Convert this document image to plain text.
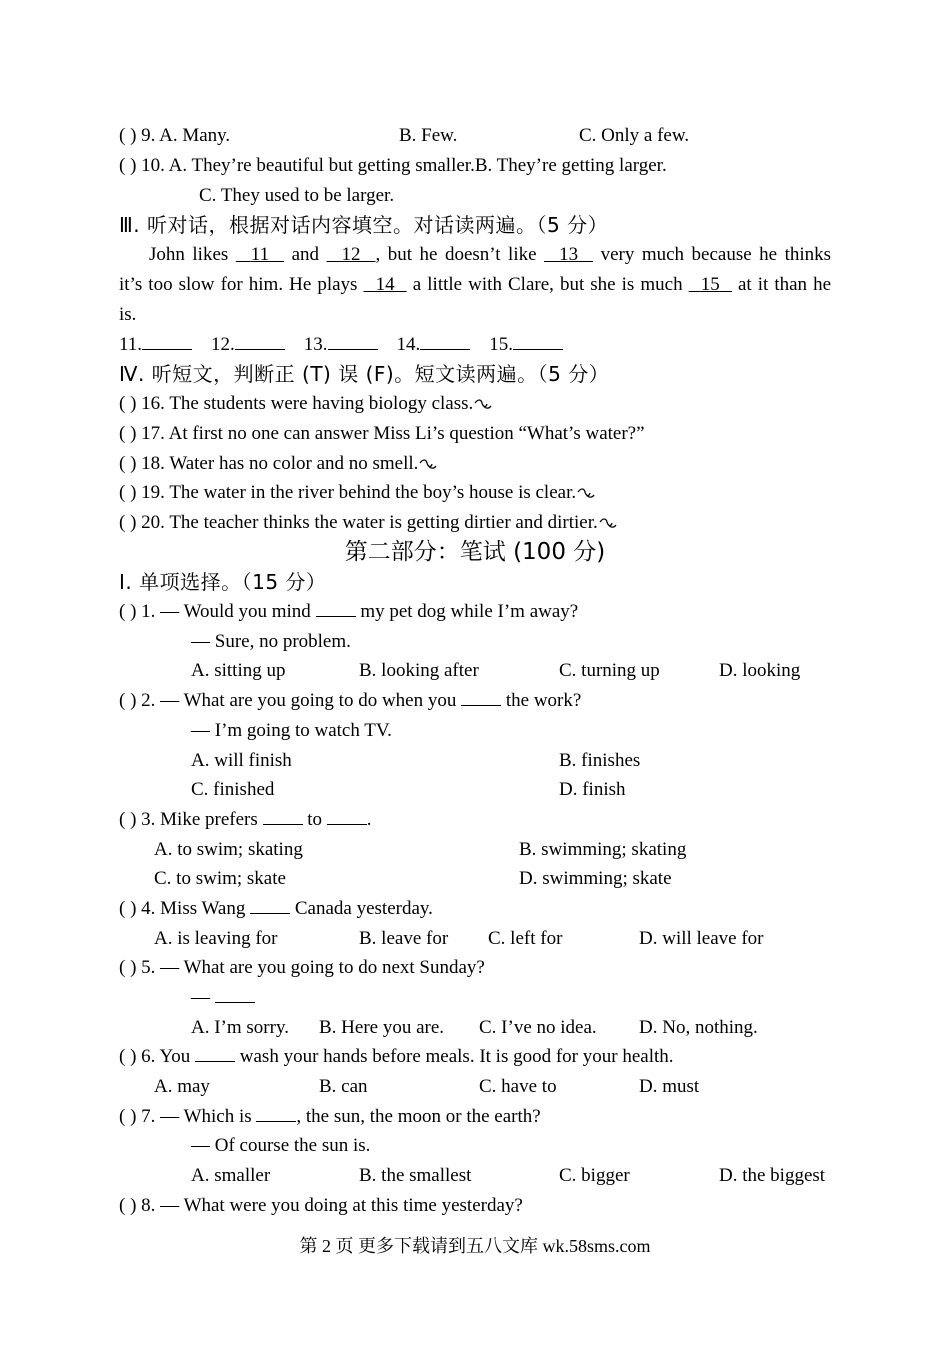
( ) 9. A. Many.	B. Few.	C. Only a few.
( ) 10. A. They’re beautiful but getting smaller.B. They’re getting larger.
C. They used to be larger.
Ⅲ. 听对话，根据对话内容填空。对话读两遍。（5 分）
John likes 11 and 12 , but he doesn’t like 13 very much because he thinks
it’s too slow for him. He plays 14 a little with Clare, but she is much 15 at it than he
is.
11.	12.	13.	14.	15.
Ⅳ. 听短文，判断正 (T) 误 (F)。短文读两遍。（5 分）
( ) 16. The students were having biology class.
( ) 17. At first no one can answer Miss Li’s question “What’s water?”
( ) 18. Water has no color and no smell.
( ) 19. The water in the river behind the boy’s house is clear.
( ) 20. The teacher thinks the water is getting dirtier and dirtier.
第二部分：笔试 (100 分)
Ⅰ. 单项选择。（15 分）
( ) 1. — Would you mind	my pet dog while I’m away?
— Sure, no problem.
A. sitting up	B. looking after	C. turning up	D. looking
( ) 2. — What are you going to do when you	the work?
— I’m going to watch TV.
A. will finish	B. finishes
C. finished	D. finish
( ) 3. Mike prefers	to .
A. to swim; skating	B. swimming; skating
C. to swim; skate	D. swimming; skate
( ) 4. Miss Wang	Canada yesterday.
A. is leaving for	B. leave for C. left for	D. will leave for
( ) 5. — What are you going to do next Sunday?
—
A. I’m sorry. B. Here you are. C. I’ve no idea. D. No, nothing.
( ) 6. You	wash your hands before meals. It is good for your health.
A. may	B. can	C. have to	D. must
( ) 7. — Which is , the sun, the moon or the earth?
— Of course the sun is.
A. smaller	B. the smallest	C. bigger	D. the biggest
( ) 8. — What were you doing at this time yesterday?
第 2 页 更多下载请到五八文库 wk.58sms.com
